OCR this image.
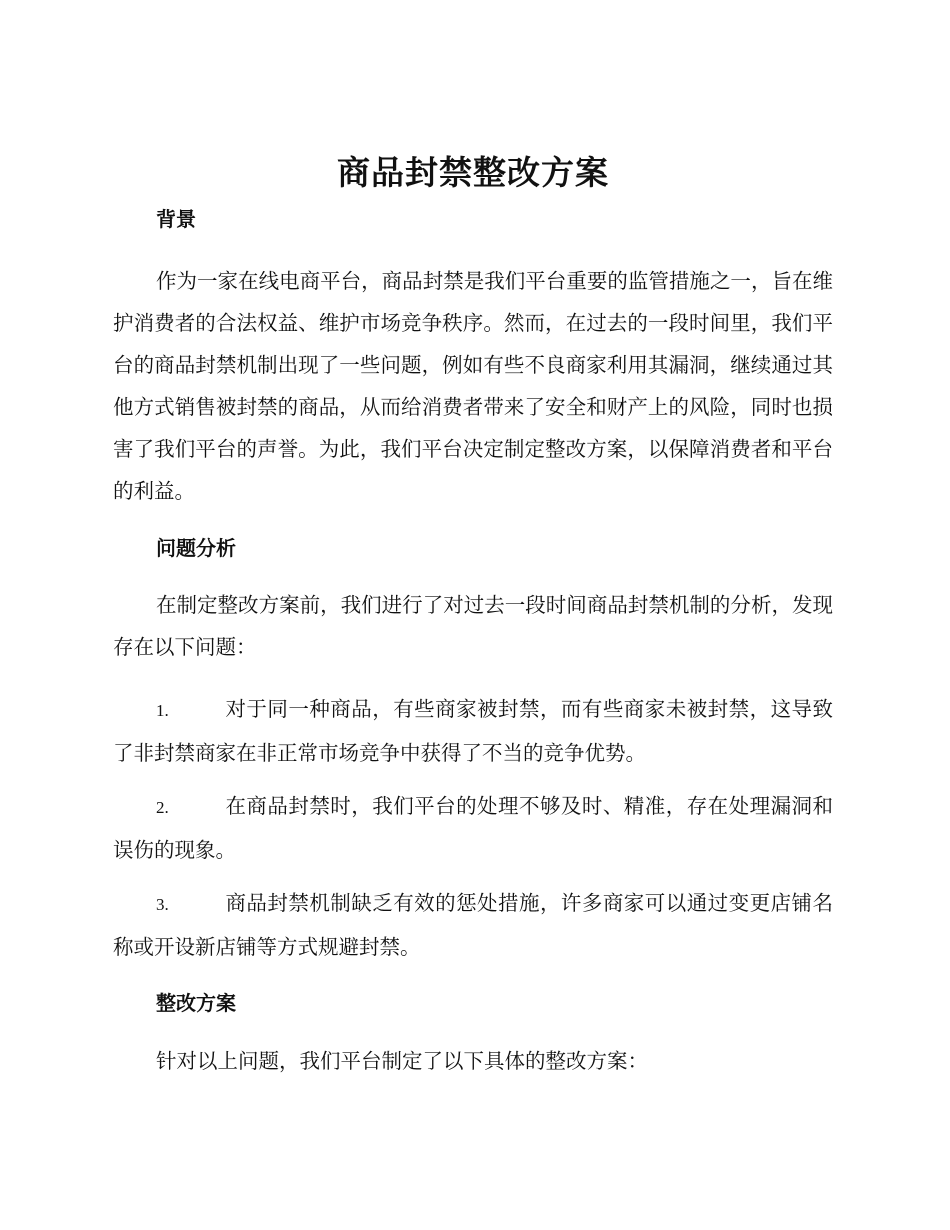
商品封禁整改方案
背景

作为一家在线电商平台，商品封禁是我们平台重要的监管措施之一，旨在维护消费者的合法权益、维护市场竞争秩序。然而，在过去的一段时间里，我们平台的商品封禁机制出现了一些问题，例如有些不良商家利用其漏洞，继续通过其他方式销售被封禁的商品，从而给消费者带来了安全和财产上的风险，同时也损害了我们平台的声誉。为此，我们平台决定制定整改方案，以保障消费者和平台的利益。

问题分析

在制定整改方案前，我们进行了对过去一段时间商品封禁机制的分析，发现存在以下问题：

1.	对于同一种商品，有些商家被封禁，而有些商家未被封禁，这导致了非封禁商家在非正常市场竞争中获得了不当的竞争优势。

2.	在商品封禁时，我们平台的处理不够及时、精准，存在处理漏洞和误伤的现象。

3.	商品封禁机制缺乏有效的惩处措施，许多商家可以通过变更店铺名称或开设新店铺等方式规避封禁。

整改方案

针对以上问题，我们平台制定了以下具体的整改方案：
